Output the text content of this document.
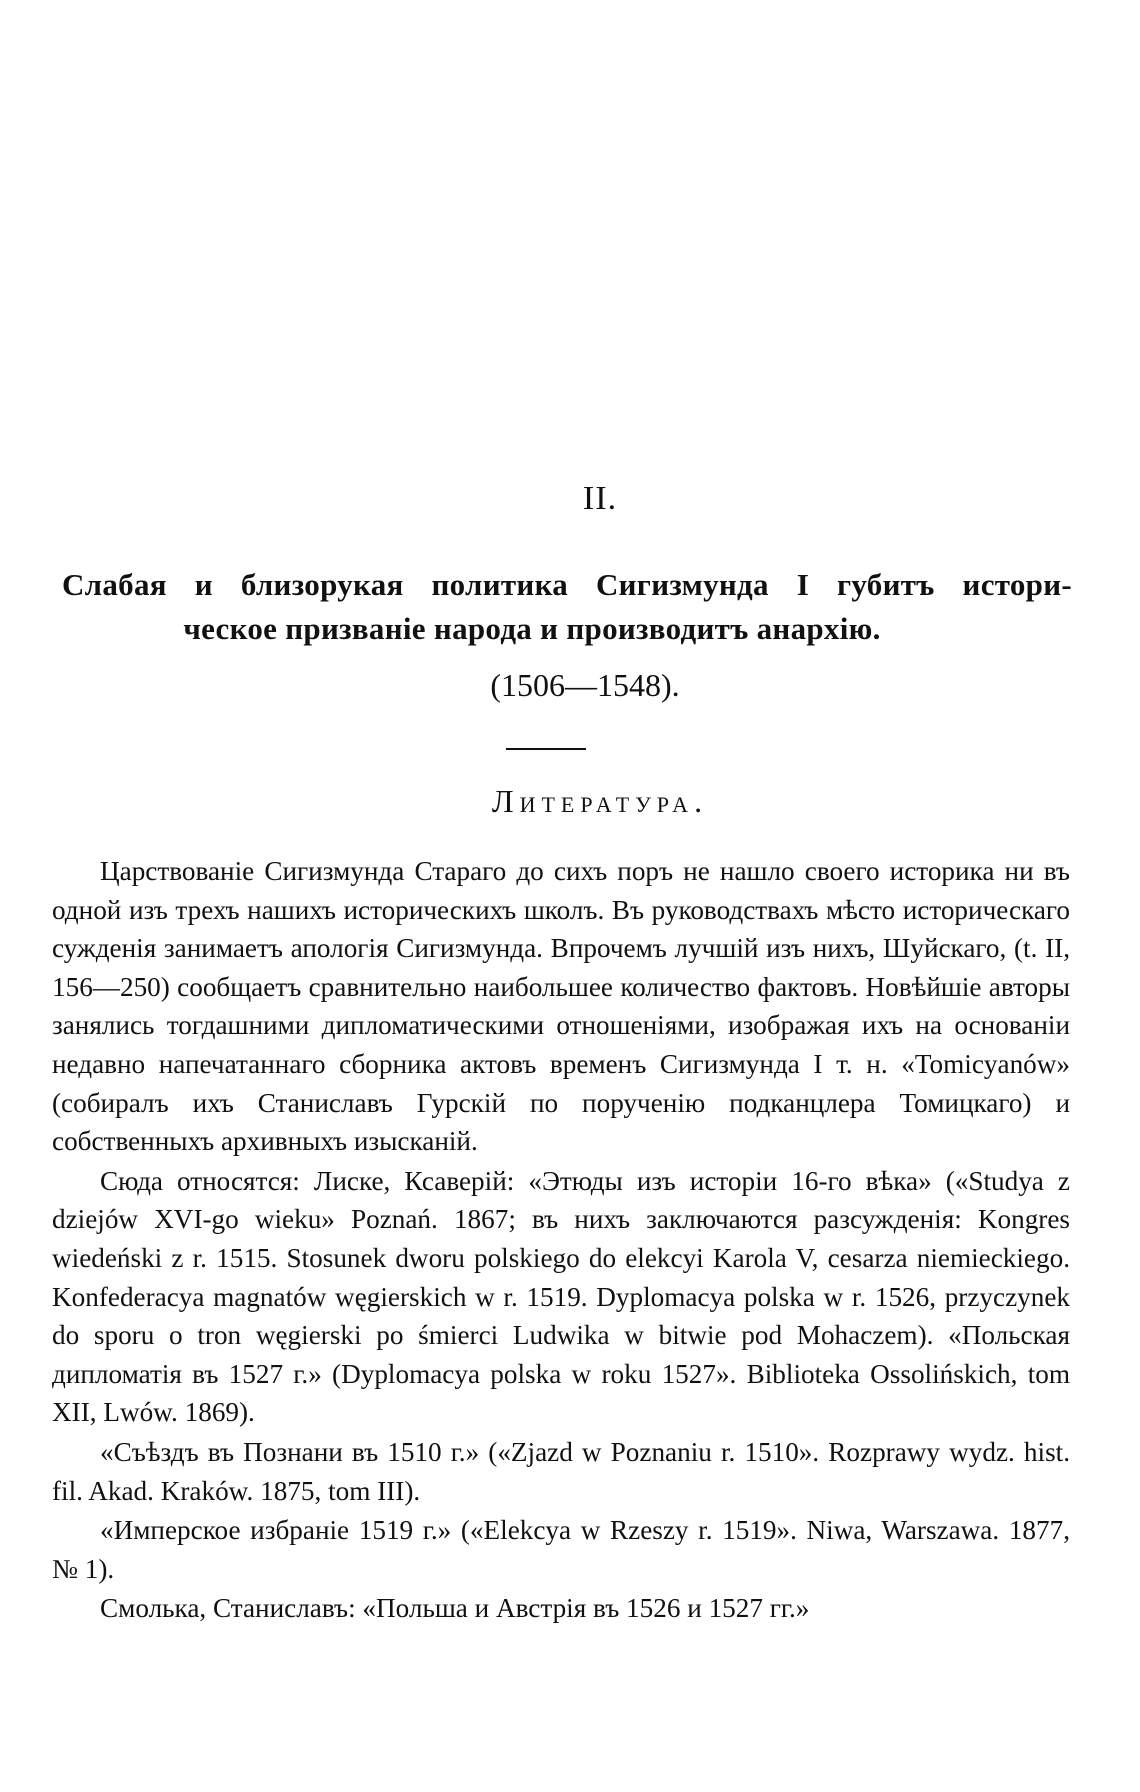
II.
Слабая и близорукая политика Сигизмунда I губитъ истори-
ческое призваніе народа и производитъ анархію.
(1506—1548).
Литература.

Царствованіе Сигизмунда Стараго до сихъ поръ не нашло своего историка ни въ одной изъ трехъ нашихъ историческихъ школъ. Въ руководствахъ мѣсто историческаго сужденія занимаетъ апологія Сигизмунда. Впрочемъ лучшій изъ нихъ, Шуйскаго, (t. II, 156—250) сообщаетъ сравнительно наибольшее количество фактовъ. Новѣйшіе авторы занялись тогдашними дипломатическими отношеніями, изображая ихъ на основаніи недавно напечатаннаго сборника актовъ временъ Сигизмунда I т. н. «Tomicyanów» (собиралъ ихъ Станиславъ Гурскій по порученію подканцлера Томицкаго) и собственныхъ архивныхъ изысканій.

Сюда относятся: Лиске, Ксаверій: «Этюды изъ исторіи 16-го вѣка» («Studya z dziejów XVI-go wieku» Poznań. 1867; въ нихъ заключаются разсужденія: Kongres wiedeński z r. 1515. Stosunek dworu polskiego do elekcyi Karola V, cesarza niemieckiego. Konfederacya magnatów węgierskich w r. 1519. Dyplomacya polska w r. 1526, przyczynek do sporu o tron węgierski po śmierci Ludwika w bitwie pod Mohaczem). «Польская дипломатія въ 1527 г.» (Dyplomacya polska w roku 1527». Biblioteka Ossolińskich, tom XII, Lwów. 1869).

«Съѣздъ въ Познани въ 1510 г.» («Zjazd w Poznaniu r. 1510». Rozprawy wydz. hist. fil. Akad. Kraków. 1875, tom III).

«Имперское избраніе 1519 г.» («Elekcya w Rzeszy r. 1519». Niwa, Warszawa. 1877, № 1).

Смолька, Станиславъ: «Польша и Австрія въ 1526 и 1527 гг.»
